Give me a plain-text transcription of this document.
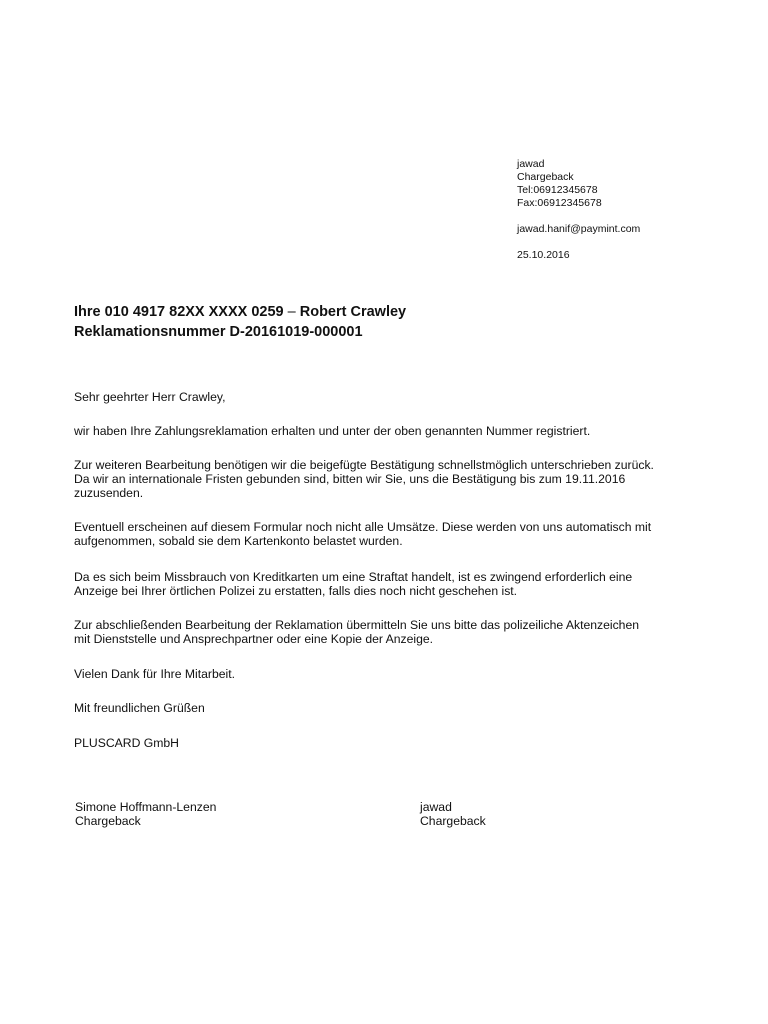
jawad
Chargeback
Tel:06912345678
Fax:06912345678
jawad.hanif@paymint.com
25.10.2016
Ihre 010 4917 82XX XXXX 0259 – Robert Crawley
Reklamationsnummer D-20161019-000001
Sehr geehrter Herr Crawley,
wir haben Ihre Zahlungsreklamation erhalten und unter der oben genannten Nummer registriert.
Zur weiteren Bearbeitung benötigen wir die beigefügte Bestätigung schnellstmöglich unterschrieben zurück. Da wir an internationale Fristen gebunden sind, bitten wir Sie, uns die Bestätigung bis zum 19.11.2016 zuzusenden.
Eventuell erscheinen auf diesem Formular noch nicht alle Umsätze. Diese werden von uns automatisch mit aufgenommen, sobald sie dem Kartenkonto belastet wurden.
Da es sich beim Missbrauch von Kreditkarten um eine Straftat handelt, ist es zwingend erforderlich eine Anzeige bei Ihrer örtlichen Polizei zu erstatten, falls dies noch nicht geschehen ist.
Zur abschließenden Bearbeitung der Reklamation übermitteln Sie uns bitte das polizeiliche Aktenzeichen mit Dienststelle und Ansprechpartner oder eine Kopie der Anzeige.
Vielen Dank für Ihre Mitarbeit.
Mit freundlichen Grüßen
PLUSCARD GmbH
Simone Hoffmann-Lenzen
Chargeback
jawad
Chargeback
